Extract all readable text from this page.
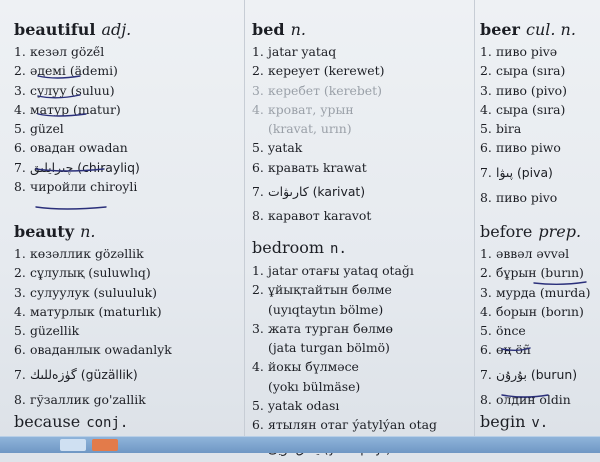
beautiful adj.
1. кезәл göze̋l
2. әдемі (ädemi)
3. сулуу (suluu)
4. матур (matur)
5. güzel
6. овадан owadan
7. چىرايلىق (chirayliq)
8. чиройли chiroyli
beauty n.
1. көзәллик gözəllik
2. сұлулық (suluwlıq)
3. сулуулук (suluuluk)
4. матурлык (maturlık)
5. güzellik
6. оваданлык owadanlyk
7. گۈزەللىك (güzällik)
8. гўзаллик go'zallik
because conj.
bed n.
1. jatar yataq
2. кереует (kerewet)
3. керебет (kerebet)
4. кроват, урын
(kravat, urın)
5. yatak
6. кравать krawat
7. كارىۋات (karivat)
8. каравот karavot
bedroom n.
1. jatar отағы yataq otağı
2. ұйықтайтын бөлме
(uyıqtaytın bölme)
3. жата турган бөлмө
(jata turgan bölmö)
4. йокы бүлмәсе
(yokı bülmäse)
5. yatak odası
6. ятылян отаг ýatylýan otag
beer cul. n.
1. пиво pivə
2. сыра (sıra)
3. пиво (pivo)
4. сыра (sıra)
5. bira
6. пиво piwo
7. پىۋا (piva)
8. пиво pivo
before prep.
1. әввәл əvvəl
2. бұрын (burın)
3. мурда (murda)
4. борын (borın)
5. önce
6. өң öñ
7. بۇرۇن (burun)
8. олдин oldin
begin v.
